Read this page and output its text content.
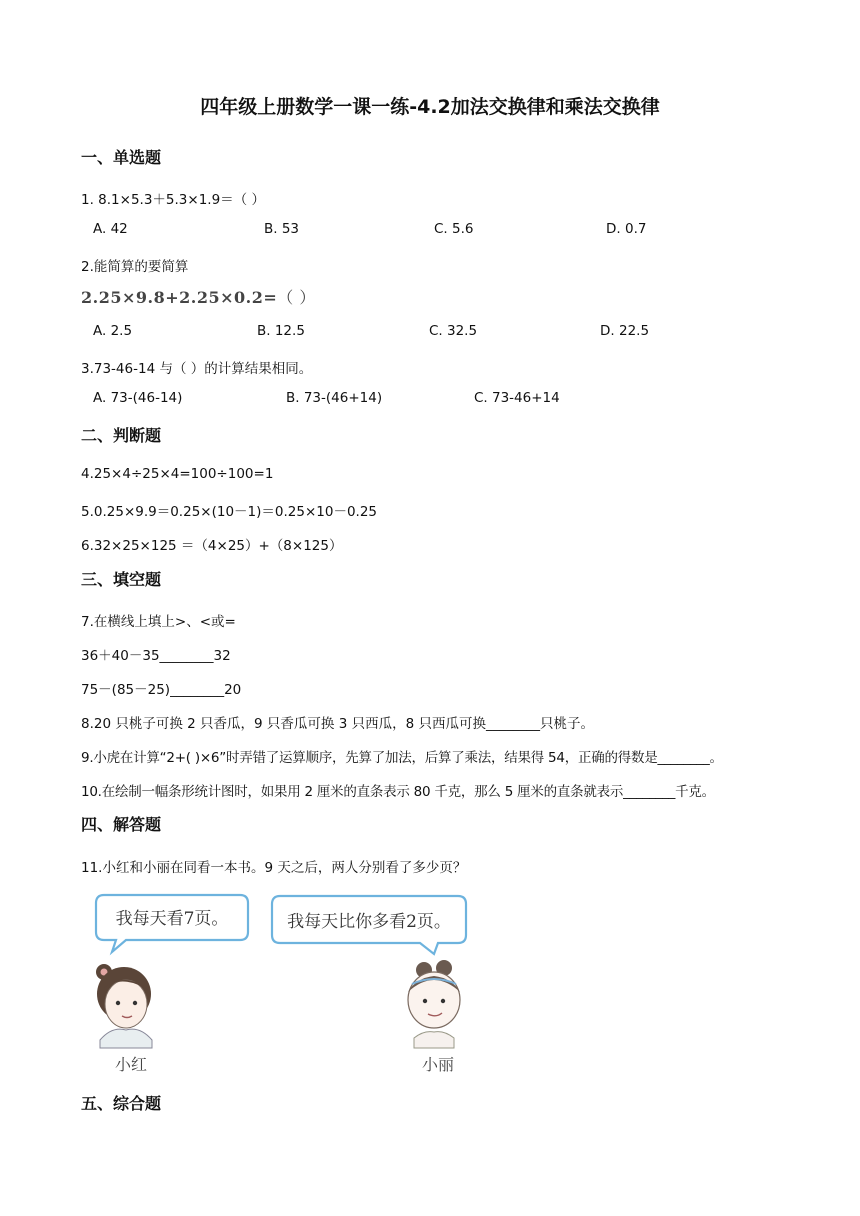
四年级上册数学一课一练-4.2加法交换律和乘法交换律
一、单选题
1. 8.1×5.3＋5.3×1.9＝（ ）
A. 42	B. 53	C. 5.6	D. 0.7
2.能简算的要简算
2.25×9.8+2.25×0.2=（ ）
A. 2.5	B. 12.5	C. 32.5	D. 22.5
3.73-46-14 与（ ）的计算结果相同。
A. 73-(46-14)	B. 73-(46+14)	C. 73-46+14
二、判断题
4.25×4÷25×4=100÷100=1
5.0.25×9.9＝0.25×(10－1)＝0.25×10－0.25
6.32×25×125 ＝（4×25）+（8×125）
三、填空题
7.在横线上填上>、<或=
36＋40－35________32
75－(85－25)________20
8.20 只桃子可换 2 只香瓜，9 只香瓜可换 3 只西瓜，8 只西瓜可换________只桃子。
9.小虎在计算“2+( )×6”时弄错了运算顺序，先算了加法，后算了乘法，结果得 54，正确的得数是________。
10.在绘制一幅条形统计图时，如果用 2 厘米的直条表示 80 千克，那么 5 厘米的直条就表示________千克。
四、解答题
11.小红和小丽在同看一本书。9 天之后，两人分别看了多少页？
我每天看7页。	我每天比你多看2页。
小红	小丽
五、综合题
